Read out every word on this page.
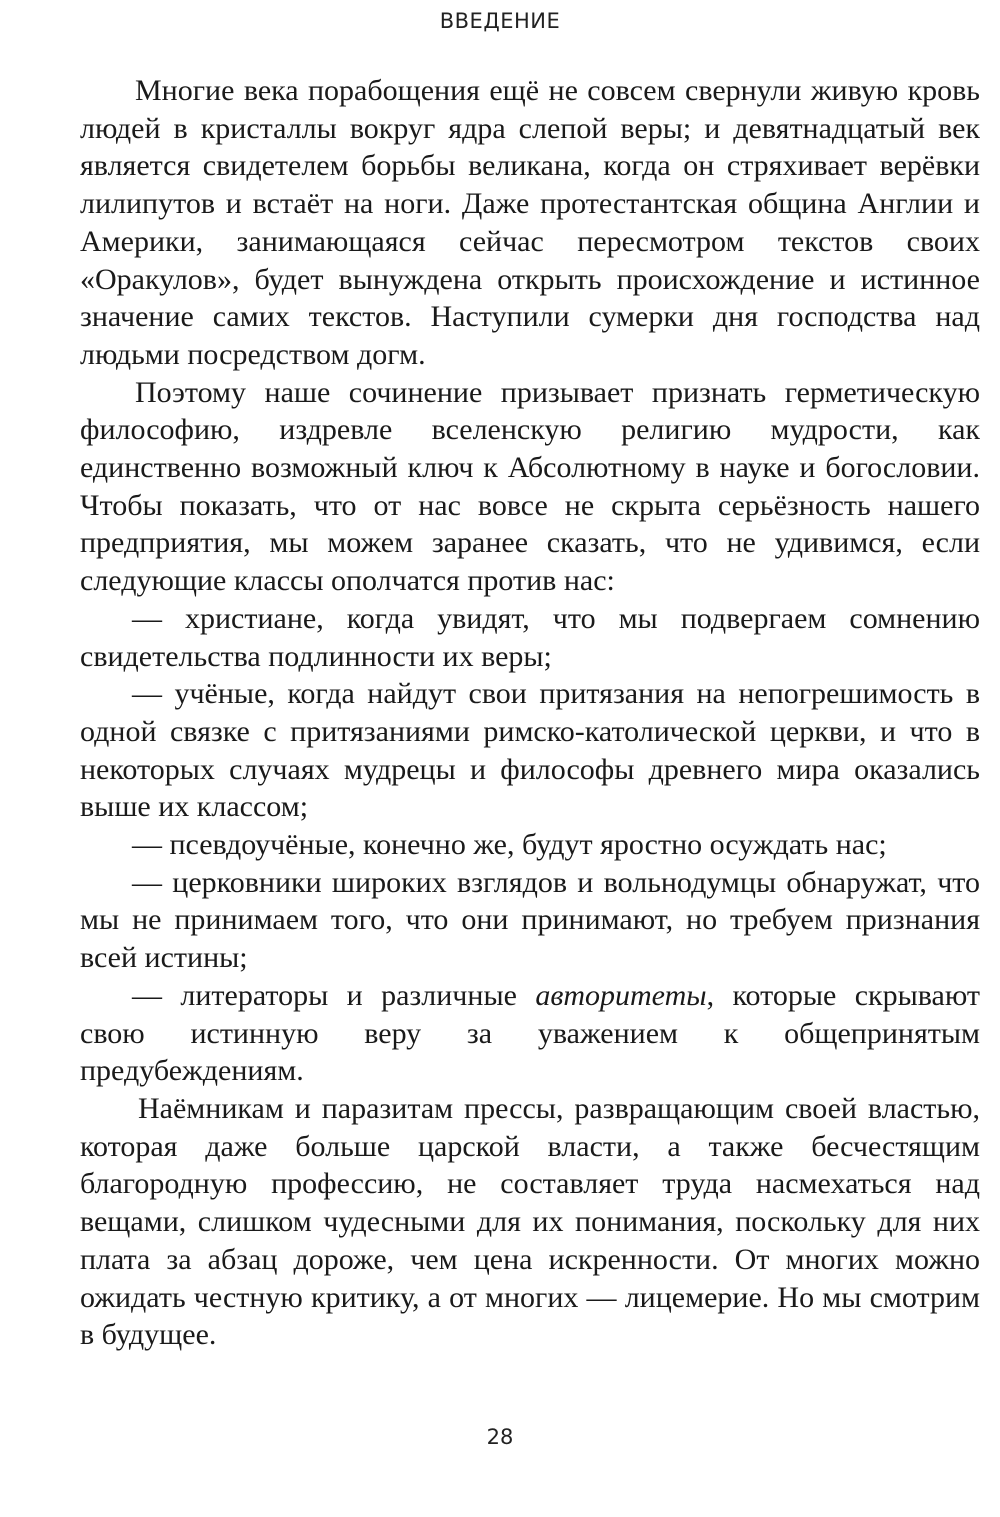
ВВЕДЕНИЕ

Многие века порабощения ещё не совсем свернули живую кровь людей в кристаллы вокруг ядра слепой веры; и девятнадцатый век является свидетелем борьбы великана, когда он стряхивает верёвки лилипутов и встаёт на ноги. Даже протестантская община Англии и Америки, занимающаяся сейчас пересмотром текстов своих «Оракулов», будет вынуждена открыть происхождение и истинное значение самих текстов. Наступили сумерки дня господства над людьми посредством догм.

Поэтому наше сочинение призывает признать герметическую философию, издревле вселенскую религию мудрости, как единственно возможный ключ к Абсолютному в науке и богословии. Чтобы показать, что от нас вовсе не скрыта серьёзность нашего предприятия, мы можем заранее сказать, что не удивимся, если следующие классы ополчатся против нас:

— христиане, когда увидят, что мы подвергаем сомнению свидетельства подлинности их веры;

— учёные, когда найдут свои притязания на непогрешимость в одной связке с притязаниями римско-католической церкви, и что в некоторых случаях мудрецы и философы древнего мира оказались выше их классом;

— псевдоучёные, конечно же, будут яростно осуждать нас;

— церковники широких взглядов и вольнодумцы обнаружат, что мы не принимаем того, что они принимают, но требуем признания всей истины;

— литераторы и различные авторитеты, которые скрывают свою истинную веру за уважением к общепринятым предубеждениям.

Наёмникам и паразитам прессы, развращающим своей властью, которая даже больше царской власти, а также бесчестящим благородную профессию, не составляет труда насмехаться над вещами, слишком чудесными для их понимания, поскольку для них плата за абзац дороже, чем цена искренности. От многих можно ожидать честную критику, а от многих — лицемерие. Но мы смотрим в будущее.

28
